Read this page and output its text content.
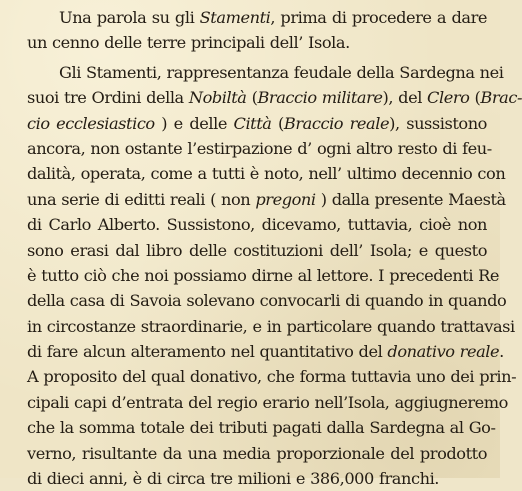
Una parola su gli Stamenti, prima di procedere a dare
un cenno delle terre principali dell’ Isola.
Gli Stamenti, rappresentanza feudale della Sardegna nei
suoi tre Ordini della Nobiltà (Braccio militare), del Clero (Brac-
cio ecclesiastico ) e delle Città (Braccio reale), sussistono
ancora, non ostante l’estirpazione d’ ogni altro resto di feu-
dalità, operata, come a tutti è noto, nell’ ultimo decennio con
una serie di editti reali ( non pregoni ) dalla presente Maestà
di Carlo Alberto. Sussistono, dicevamo, tuttavia, cioè non
sono erasi dal libro delle costituzioni dell’ Isola; e questo
è tutto ciò che noi possiamo dirne al lettore. I precedenti Re
della casa di Savoia solevano convocarli di quando in quando
in circostanze straordinarie, e in particolare quando trattavasi
di fare alcun alteramento nel quantitativo del donativo reale.
A proposito del qual donativo, che forma tuttavia uno dei prin-
cipali capi d’entrata del regio erario nell’Isola, aggiugneremo
che la somma totale dei tributi pagati dalla Sardegna al Go-
verno, risultante da una media proporzionale del prodotto
di dieci anni, è di circa tre milioni e 386,000 franchi.
